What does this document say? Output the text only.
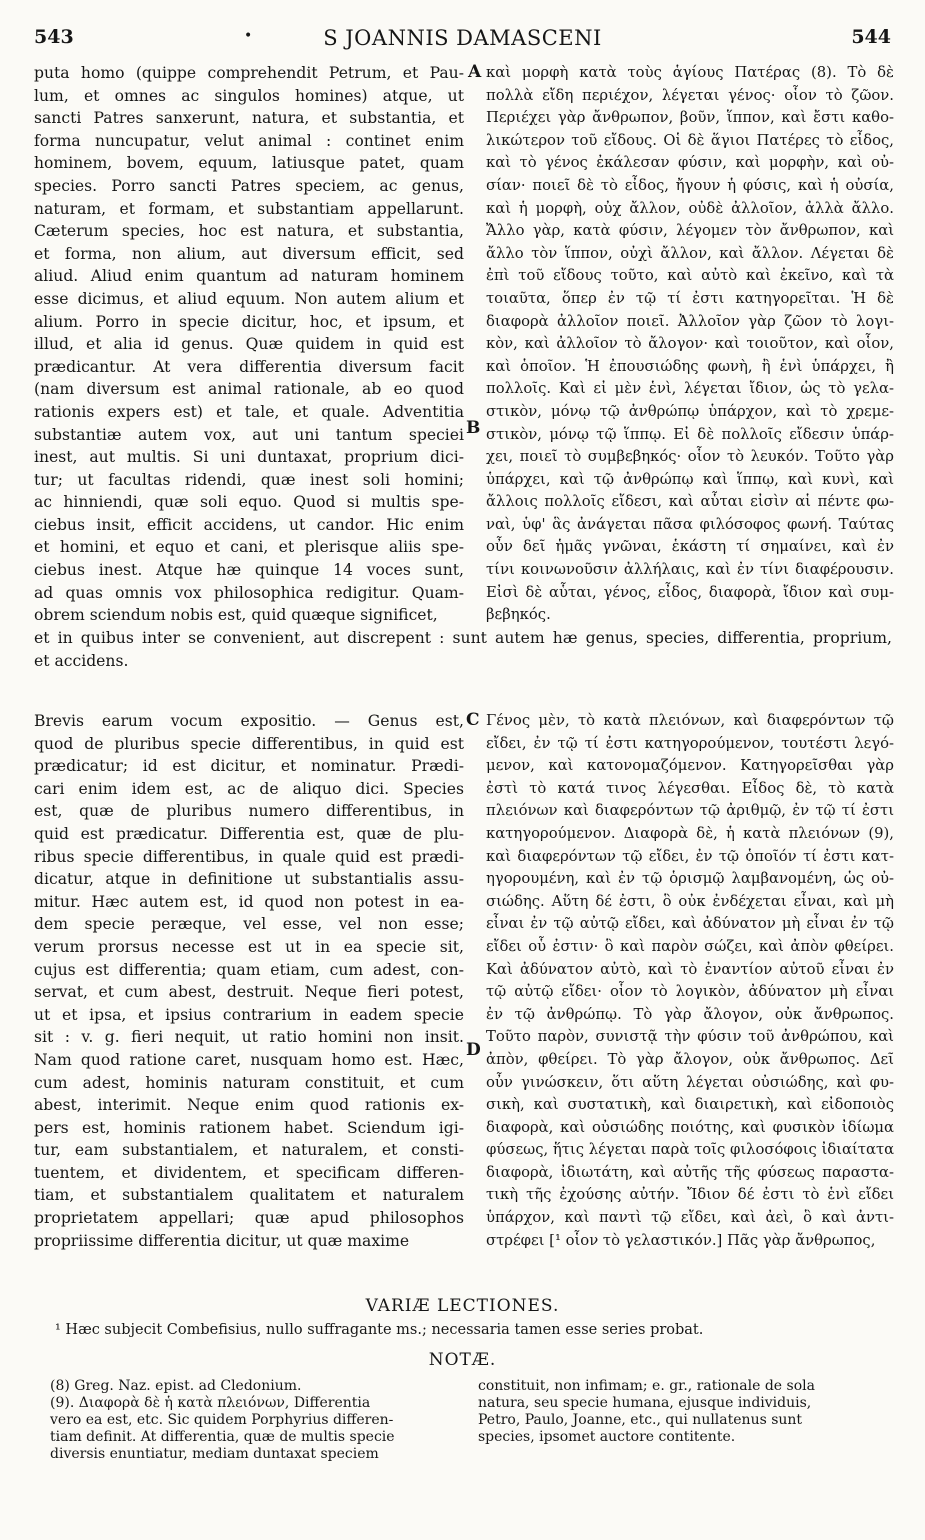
543	•	S JOANNIS DAMASCENI	544
puta homo (quippe comprehendit Petrum, et Pau-
lum, et omnes ac singulos homines) atque, ut
sancti Patres sanxerunt, natura, et substantia, et
forma nuncupatur, velut animal : continet enim
hominem, bovem, equum, latiusque patet, quam
species. Porro sancti Patres speciem, ac genus,
naturam, et formam, et substantiam appellarunt.
Cæterum species, hoc est natura, et substantia,
et forma, non alium, aut diversum efficit, sed
aliud. Aliud enim quantum ad naturam hominem
esse dicimus, et aliud equum. Non autem alium et
alium. Porro in specie dicitur, hoc, et ipsum, et
illud, et alia id genus. Quæ quidem in quid est
prædicantur. At vera differentia diversum facit
(nam diversum est animal rationale, ab eo quod
rationis expers est) et tale, et quale. Adventitia
substantiæ autem vox, aut uni tantum speciei
inest, aut multis. Si uni duntaxat, proprium dici-
tur; ut facultas ridendi, quæ inest soli homini;
ac hinniendi, quæ soli equo. Quod si multis spe-
ciebus insit, efficit accidens, ut candor. Hic enim
et homini, et equo et cani, et plerisque aliis spe-
ciebus inest. Atque hæ quinque 14 voces sunt,
ad quas omnis vox philosophica redigitur. Quam-
obrem sciendum nobis est, quid quæque significet,
καὶ μορφὴ κατὰ τοὺς ἁγίους Πατέρας (8). Τὸ δὲ
πολλὰ εἴδη περιέχον, λέγεται γένος· οἷον τὸ ζῶον.
Περιέχει γὰρ ἄνθρωπον, βοῦν, ἵππον, καὶ ἔστι καθο-
λικώτερον τοῦ εἴδους. Οἱ δὲ ἅγιοι Πατέρες τὸ εἶδος,
καὶ τὸ γένος ἐκάλεσαν φύσιν, καὶ μορφὴν, καὶ οὐ-
σίαν· ποιεῖ δὲ τὸ εἶδος, ἤγουν ἡ φύσις, καὶ ἡ οὐσία,
καὶ ἡ μορφὴ, οὐχ ἄλλον, οὐδὲ ἀλλοῖον, ἀλλὰ ἄλλο.
Ἄλλο γὰρ, κατὰ φύσιν, λέγομεν τὸν ἄνθρωπον, καὶ
ἄλλο τὸν ἵππον, οὐχὶ ἄλλον, καὶ ἄλλον. Λέγεται δὲ
ἐπὶ τοῦ εἴδους τοῦτο, καὶ αὐτὸ καὶ ἐκεῖνο, καὶ τὰ
τοιαῦτα, ὅπερ ἐν τῷ τί ἐστι κατηγορεῖται. Ἡ δὲ
διαφορὰ ἀλλοῖον ποιεῖ. Ἀλλοῖον γὰρ ζῶον τὸ λογι-
κὸν, καὶ ἀλλοῖον τὸ ἄλογον· καὶ τοιοῦτον, καὶ οἷον,
καὶ ὁποῖον. Ἡ ἐπουσιώδης φωνὴ, ἢ ἑνὶ ὑπάρχει, ἢ
πολλοῖς. Καὶ εἰ μὲν ἑνὶ, λέγεται ἴδιον, ὡς τὸ γελα-
στικὸν, μόνῳ τῷ ἀνθρώπῳ ὑπάρχον, καὶ τὸ χρεμε-
στικὸν, μόνῳ τῷ ἵππῳ. Εἰ δὲ πολλοῖς εἴδεσιν ὑπάρ-
χει, ποιεῖ τὸ συμβεβηκός· οἷον τὸ λευκόν. Τοῦτο γὰρ
ὑπάρχει, καὶ τῷ ἀνθρώπῳ καὶ ἵππῳ, καὶ κυνὶ, καὶ
ἄλλοις πολλοῖς εἴδεσι, καὶ αὗται εἰσὶν αἱ πέντε φω-
ναὶ, ὑφ' ἃς ἀνάγεται πᾶσα φιλόσοφος φωνή. Ταύτας
οὖν δεῖ ἡμᾶς γνῶναι, ἑκάστη τί σημαίνει, καὶ ἐν
τίνι κοινωνοῦσιν ἀλλήλαις, καὶ ἐν τίνι διαφέρουσιν.
Εἰσὶ δὲ αὗται, γένος, εἶδος, διαφορὰ, ἴδιον καὶ συμ-
βεβηκός.
A
B
C
D
et in quibus inter se convenient, aut discrepent : sunt autem hæ genus, species, differentia, proprium,
et accidens.
Brevis earum vocum expositio. — Genus est,
quod de pluribus specie differentibus, in quid est
prædicatur; id est dicitur, et nominatur. Prædi-
cari enim idem est, ac de aliquo dici. Species
est, quæ de pluribus numero differentibus, in
quid est prædicatur. Differentia est, quæ de plu-
ribus specie differentibus, in quale quid est prædi-
dicatur, atque in definitione ut substantialis assu-
mitur. Hæc autem est, id quod non potest in ea-
dem specie peræque, vel esse, vel non esse;
verum prorsus necesse est ut in ea specie sit,
cujus est differentia; quam etiam, cum adest, con-
servat, et cum abest, destruit. Neque fieri potest,
ut et ipsa, et ipsius contrarium in eadem specie
sit : v. g. fieri nequit, ut ratio homini non insit.
Nam quod ratione caret, nusquam homo est. Hæc,
cum adest, hominis naturam constituit, et cum
abest, interimit. Neque enim quod rationis ex-
pers est, hominis rationem habet. Sciendum igi-
tur, eam substantialem, et naturalem, et consti-
tuentem, et dividentem, et specificam differen-
tiam, et substantialem qualitatem et naturalem
proprietatem appellari; quæ apud philosophos
propriissime differentia dicitur, ut quæ maxime
Γένος μὲν, τὸ κατὰ πλειόνων, καὶ διαφερόντων τῷ
εἴδει, ἐν τῷ τί ἐστι κατηγορούμενον, τουτέστι λεγό-
μενον, καὶ κατονομαζόμενον. Κατηγορεῖσθαι γὰρ
ἐστὶ τὸ κατά τινος λέγεσθαι. Εἶδος δὲ, τὸ κατὰ
πλειόνων καὶ διαφερόντων τῷ ἀριθμῷ, ἐν τῷ τί ἐστι
κατηγορούμενον. Διαφορὰ δὲ, ἡ κατὰ πλειόνων (9),
καὶ διαφερόντων τῷ εἴδει, ἐν τῷ ὁποῖόν τί ἐστι κατ-
ηγορουμένη, καὶ ἐν τῷ ὁρισμῷ λαμβανομένη, ὡς οὐ-
σιώδης. Αὕτη δέ ἐστι, ὃ οὐκ ἐνδέχεται εἶναι, καὶ μὴ
εἶναι ἐν τῷ αὐτῷ εἴδει, καὶ ἀδύνατον μὴ εἶναι ἐν τῷ
εἴδει οὗ ἐστιν· ὃ καὶ παρὸν σώζει, καὶ ἀπὸν φθείρει.
Καὶ ἀδύνατον αὐτὸ, καὶ τὸ ἐναντίον αὐτοῦ εἶναι ἐν
τῷ αὐτῷ εἴδει· οἷον τὸ λογικὸν, ἀδύνατον μὴ εἶναι
ἐν τῷ ἀνθρώπῳ. Τὸ γὰρ ἄλογον, οὐκ ἄνθρωπος.
Τοῦτο παρὸν, συνιστᾷ τὴν φύσιν τοῦ ἀνθρώπου, καὶ
ἀπὸν, φθείρει. Τὸ γὰρ ἄλογον, οὐκ ἄνθρωπος. Δεῖ
οὖν γινώσκειν, ὅτι αὕτη λέγεται οὐσιώδης, καὶ φυ-
σικὴ, καὶ συστατικὴ, καὶ διαιρετικὴ, καὶ εἰδοποιὸς
διαφορὰ, καὶ οὐσιώδης ποιότης, καὶ φυσικὸν ἰδίωμα
φύσεως, ἥτις λέγεται παρὰ τοῖς φιλοσόφοις ἰδιαίτατα
διαφορὰ, ἰδιωτάτη, καὶ αὐτῆς τῆς φύσεως παραστα-
τικὴ τῆς ἐχούσης αὐτήν. Ἴδιον δέ ἐστι τὸ ἑνὶ εἴδει
ὑπάρχον, καὶ παντὶ τῷ εἴδει, καὶ ἀεὶ, ὃ καὶ ἀντι-
στρέφει [¹ οἷον τὸ γελαστικόν.] Πᾶς γὰρ ἄνθρωπος,
VARIÆ LECTIONES.
¹ Hæc subjecit Combefisius, nullo suffragante ms.; necessaria tamen esse series probat.
NOTÆ.
(8) Greg. Naz. epist. ad Cledonium.
(9). Διαφορὰ δὲ ἡ κατὰ πλειόνων, Differentia
vero ea est, etc. Sic quidem Porphyrius differen-
tiam definit. At differentia, quæ de multis specie
diversis enuntiatur, mediam duntaxat speciem
constituit, non infimam; e. gr., rationale de sola
natura, seu specie humana, ejusque individuis,
Petro, Paulo, Joanne, etc., qui nullatenus sunt
species, ipsomet auctore contitente.
